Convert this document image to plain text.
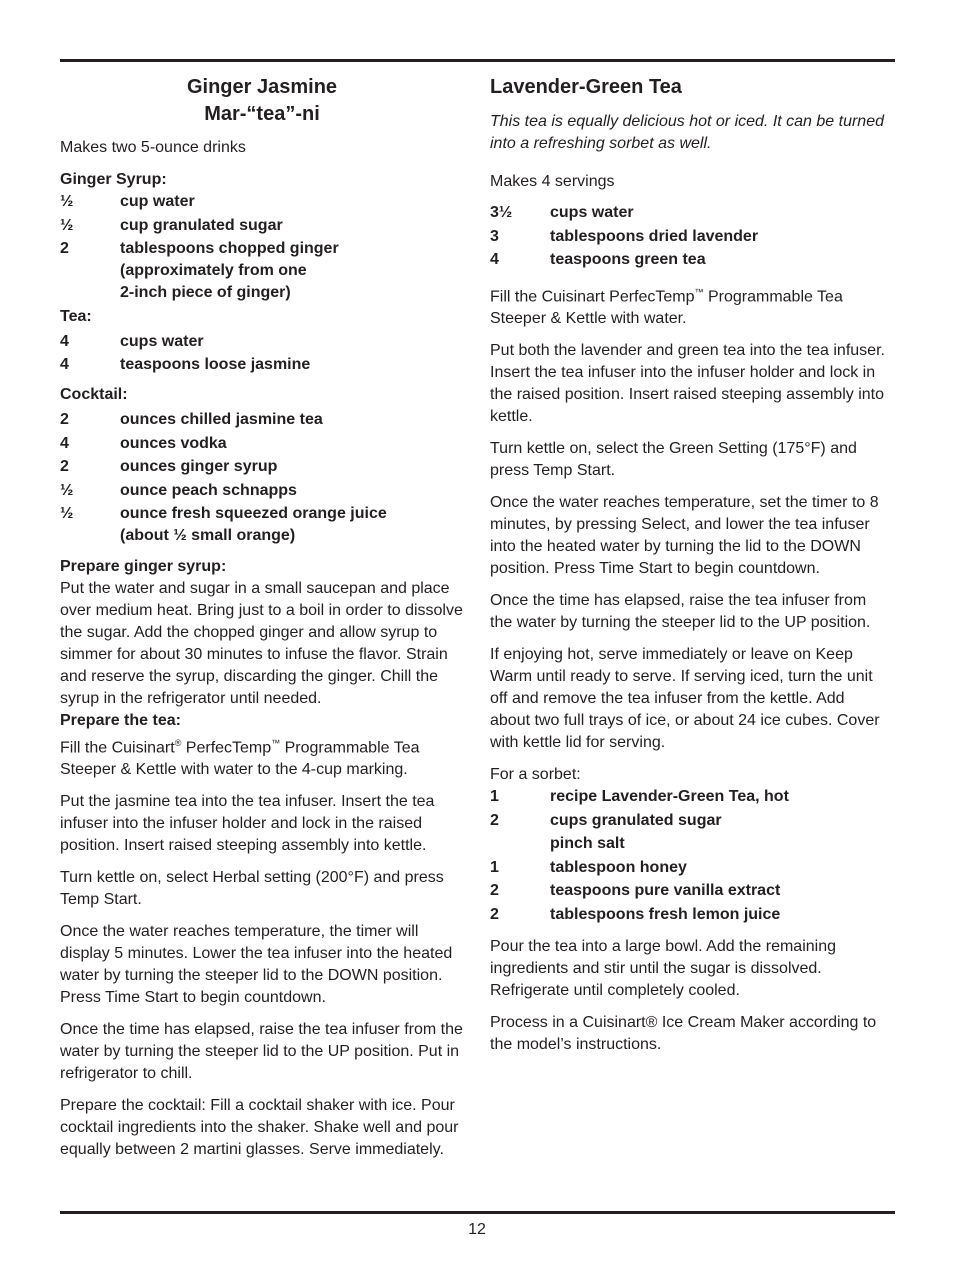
Ginger Jasmine
Mar-“tea”-ni

Makes two 5-ounce drinks

Ginger Syrup:

½	cup water
½	cup granulated sugar
2	tablespoons chopped ginger
(approximately from one
2-inch piece of ginger)

Tea:

4	cups water
4	teaspoons loose jasmine

Cocktail:

2	ounces chilled jasmine tea
4	ounces vodka
2	ounces ginger syrup
½	ounce peach schnapps
½	ounce fresh squeezed orange juice
(about ½ small orange)

Prepare ginger syrup:

Put the water and sugar in a small saucepan and place over medium heat. Bring just to a boil in order to dissolve the sugar. Add the chopped ginger and allow syrup to simmer for about 30 minutes to infuse the flavor. Strain and reserve the syrup, discarding the ginger. Chill the syrup in the refrigerator until needed.

Prepare the tea:

Fill the Cuisinart® PerfecTemp™ Programmable Tea Steeper & Kettle with water to the 4-cup marking.

Put the jasmine tea into the tea infuser. Insert the tea infuser into the infuser holder and lock in the raised position. Insert raised steeping assembly into kettle.

Turn kettle on, select Herbal setting (200°F) and press Temp Start.

Once the water reaches temperature, the timer will display 5 minutes. Lower the tea infuser into the heated water by turning the steeper lid to the DOWN position. Press Time Start to begin countdown.

Once the time has elapsed, raise the tea infuser from the water by turning the steeper lid to the UP position. Put in refrigerator to chill.

Prepare the cocktail: Fill a cocktail shaker with ice. Pour cocktail ingredients into the shaker. Shake well and pour equally between 2 martini glasses. Serve immediately.

Lavender-Green Tea

This tea is equally delicious hot or iced. It can be turned into a refreshing sorbet as well.

Makes 4 servings

3½	cups water
3	tablespoons dried lavender
4	teaspoons green tea

Fill the Cuisinart PerfecTemp™ Programmable Tea Steeper & Kettle with water.

Put both the lavender and green tea into the tea infuser. Insert the tea infuser into the infuser holder and lock in the raised position. Insert raised steeping assembly into kettle.

Turn kettle on, select the Green Setting (175°F) and press Temp Start.

Once the water reaches temperature, set the timer to 8 minutes, by pressing Select, and lower the tea infuser into the heated water by turning the lid to the DOWN position. Press Time Start to begin countdown.

Once the time has elapsed, raise the tea infuser from the water by turning the steeper lid to the UP position.

If enjoying hot, serve immediately or leave on Keep Warm until ready to serve. If serving iced, turn the unit off and remove the tea infuser from the kettle. Add about two full trays of ice, or about 24 ice cubes. Cover with kettle lid for serving.

For a sorbet:

1	recipe Lavender-Green Tea, hot
2	cups granulated sugar
pinch salt
1	tablespoon honey
2	teaspoons pure vanilla extract
2	tablespoons fresh lemon juice

Pour the tea into a large bowl. Add the remaining ingredients and stir until the sugar is dissolved. Refrigerate until completely cooled.

Process in a Cuisinart® Ice Cream Maker according to the model’s instructions.

12
